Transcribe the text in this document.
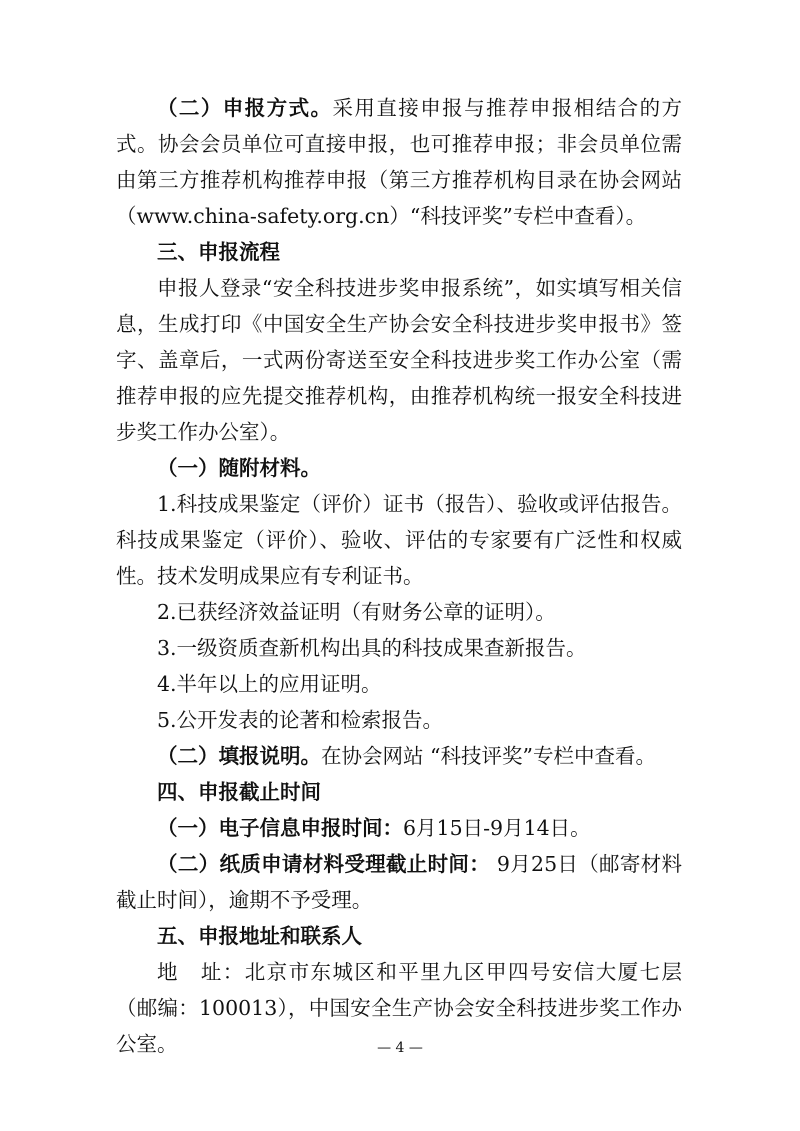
（二）申报方式。采用直接申报与推荐申报相结合的方式。协会会员单位可直接申报，也可推荐申报；非会员单位需由第三方推荐机构推荐申报（第三方推荐机构目录在协会网站（www.china-safety.org.cn）“科技评奖”专栏中查看）。

三、申报流程

申报人登录“安全科技进步奖申报系统”，如实填写相关信息，生成打印《中国安全生产协会安全科技进步奖申报书》签字、盖章后，一式两份寄送至安全科技进步奖工作办公室（需推荐申报的应先提交推荐机构，由推荐机构统一报安全科技进步奖工作办公室）。

（一）随附材料。

1.科技成果鉴定（评价）证书（报告）、验收或评估报告。科技成果鉴定（评价）、验收、评估的专家要有广泛性和权威性。技术发明成果应有专利证书。

2.已获经济效益证明（有财务公章的证明）。

3.一级资质查新机构出具的科技成果查新报告。

4.半年以上的应用证明。

5.公开发表的论著和检索报告。

（二）填报说明。在协会网站 “科技评奖”专栏中查看。

四、申报截止时间

（一）电子信息申报时间：6月15日-9月14日。

（二）纸质申请材料受理截止时间： 9月25日（邮寄材料截止时间），逾期不予受理。

五、申报地址和联系人

地　址：北京市东城区和平里九区甲四号安信大厦七层（邮编：100013），中国安全生产协会安全科技进步奖工作办公室。	— 4 —
